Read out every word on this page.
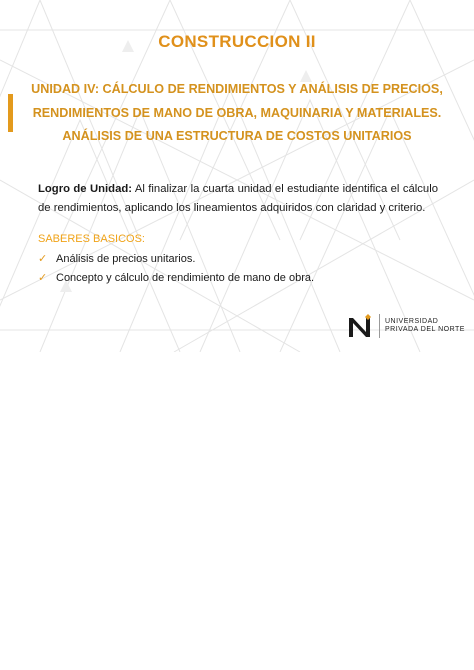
CONSTRUCCION II
UNIDAD IV: CÁLCULO DE RENDIMIENTOS Y ANÁLISIS DE PRECIOS, RENDIMIENTOS DE MANO DE OBRA, MAQUINARIA Y MATERIALES. ANÁLISIS DE UNA ESTRUCTURA DE COSTOS UNITARIOS
Logro de Unidad: Al finalizar la cuarta unidad el estudiante identifica el cálculo de rendimientos, aplicando los lineamientos adquiridos con claridad y criterio.
SABERES BASICOS:
✓ Análisis de precios unitarios.
✓ Concepto y cálculo de rendimiento de mano de obra.
UNIVERSIDAD
PRIVADA DEL NORTE
